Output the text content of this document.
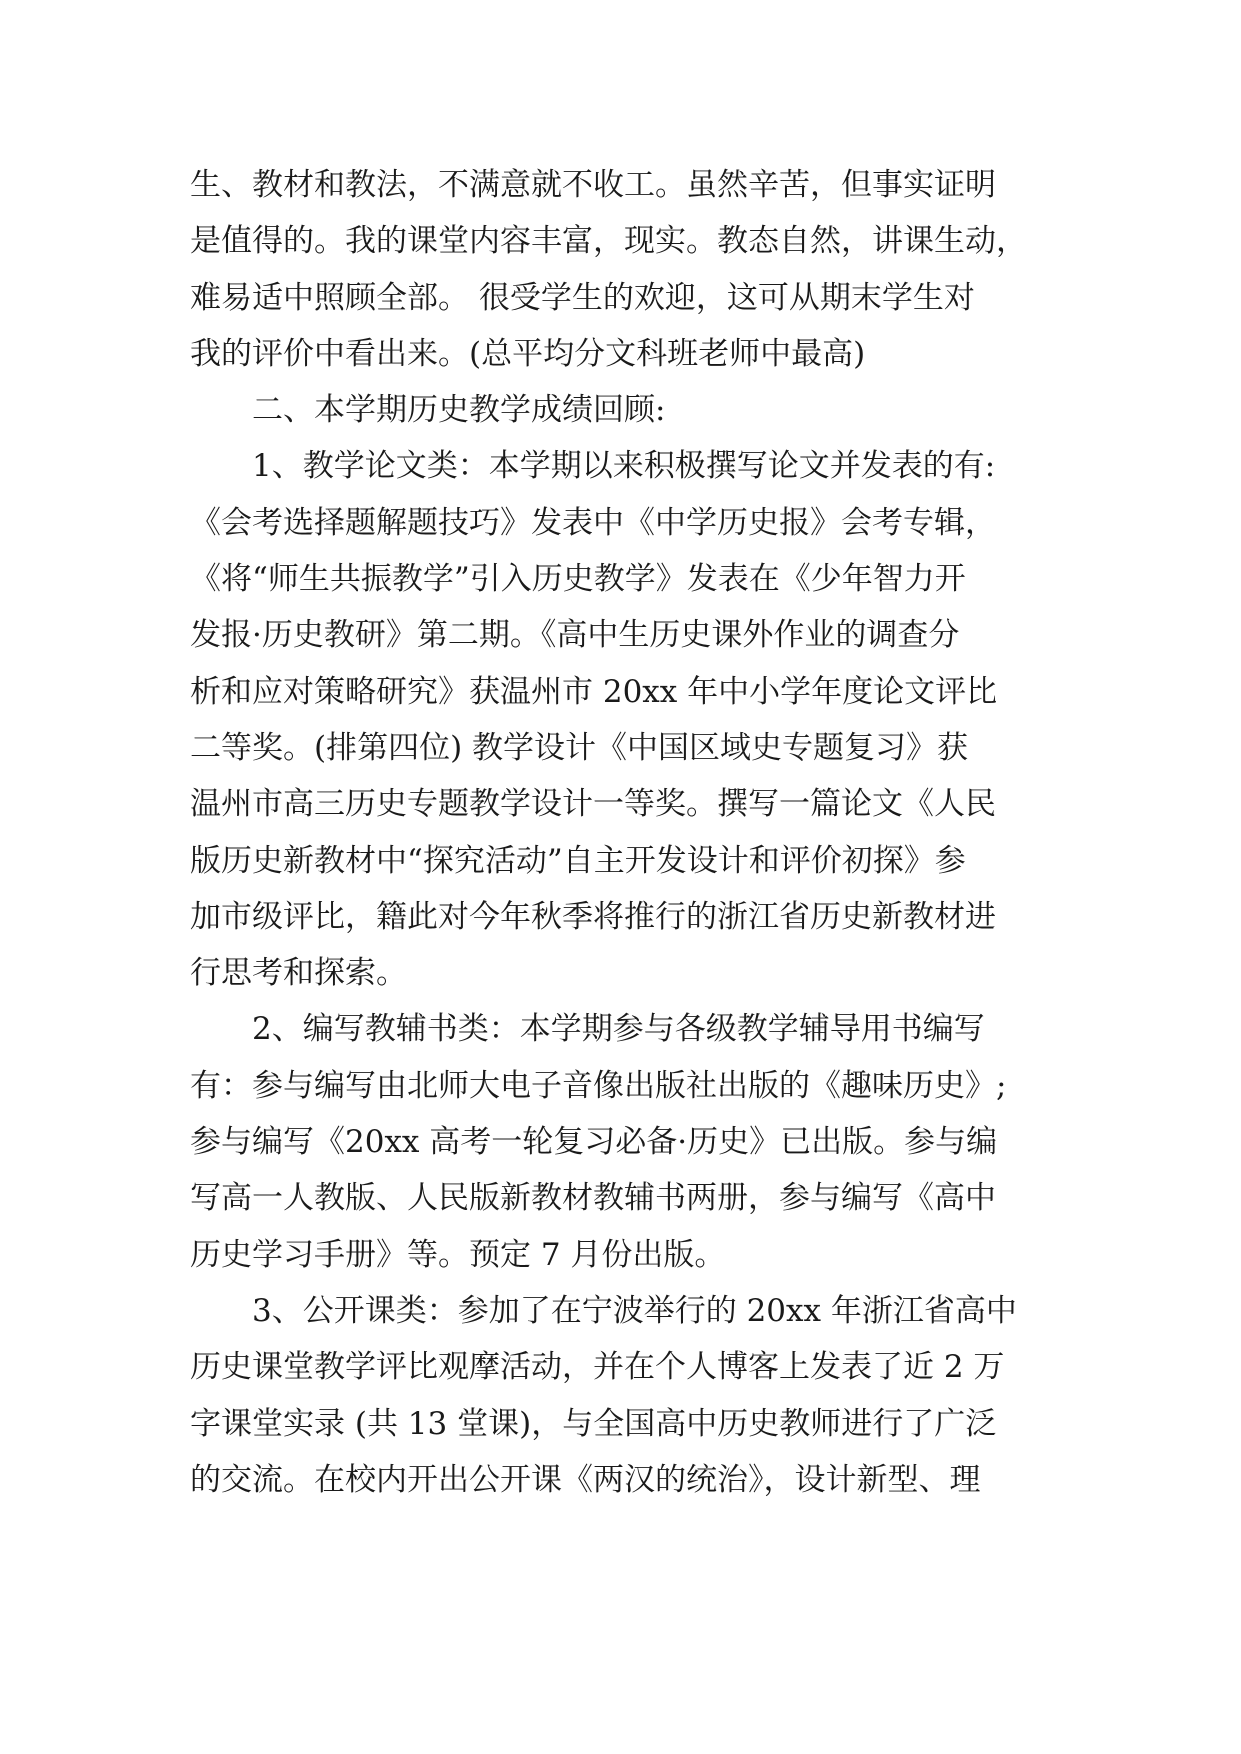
生、教材和教法，不满意就不收工。虽然辛苦，但事实证明
是值得的。我的课堂内容丰富，现实。教态自然，讲课生动，
难易适中照顾全部。 很受学生的欢迎，这可从期末学生对
我的评价中看出来。(总平均分文科班老师中最高)
二、本学期历史教学成绩回顾:
1、教学论文类：本学期以来积极撰写论文并发表的有:
《会考选择题解题技巧》发表中《中学历史报》会考专辑，
《将“师生共振教学”引入历史教学》发表在《少年智力开
发报·历史教研》第二期。《高中生历史课外作业的调查分
析和应对策略研究》获温州市 20xx 年中小学年度论文评比
二等奖。(排第四位) 教学设计《中国区域史专题复习》获
温州市高三历史专题教学设计一等奖。撰写一篇论文《人民
版历史新教材中“探究活动”自主开发设计和评价初探》参
加市级评比，籍此对今年秋季将推行的浙江省历史新教材进
行思考和探索。
2、编写教辅书类：本学期参与各级教学辅导用书编写
有：参与编写由北师大电子音像出版社出版的《趣味历史》;
参与编写《20xx 高考一轮复习必备·历史》已出版。参与编
写高一人教版、人民版新教材教辅书两册，参与编写《高中
历史学习手册》等。预定 7 月份出版。
3、公开课类：参加了在宁波举行的 20xx 年浙江省高中
历史课堂教学评比观摩活动，并在个人博客上发表了近 2 万
字课堂实录 (共 13 堂课)，与全国高中历史教师进行了广泛
的交流。在校内开出公开课《两汉的统治》，设计新型、理
